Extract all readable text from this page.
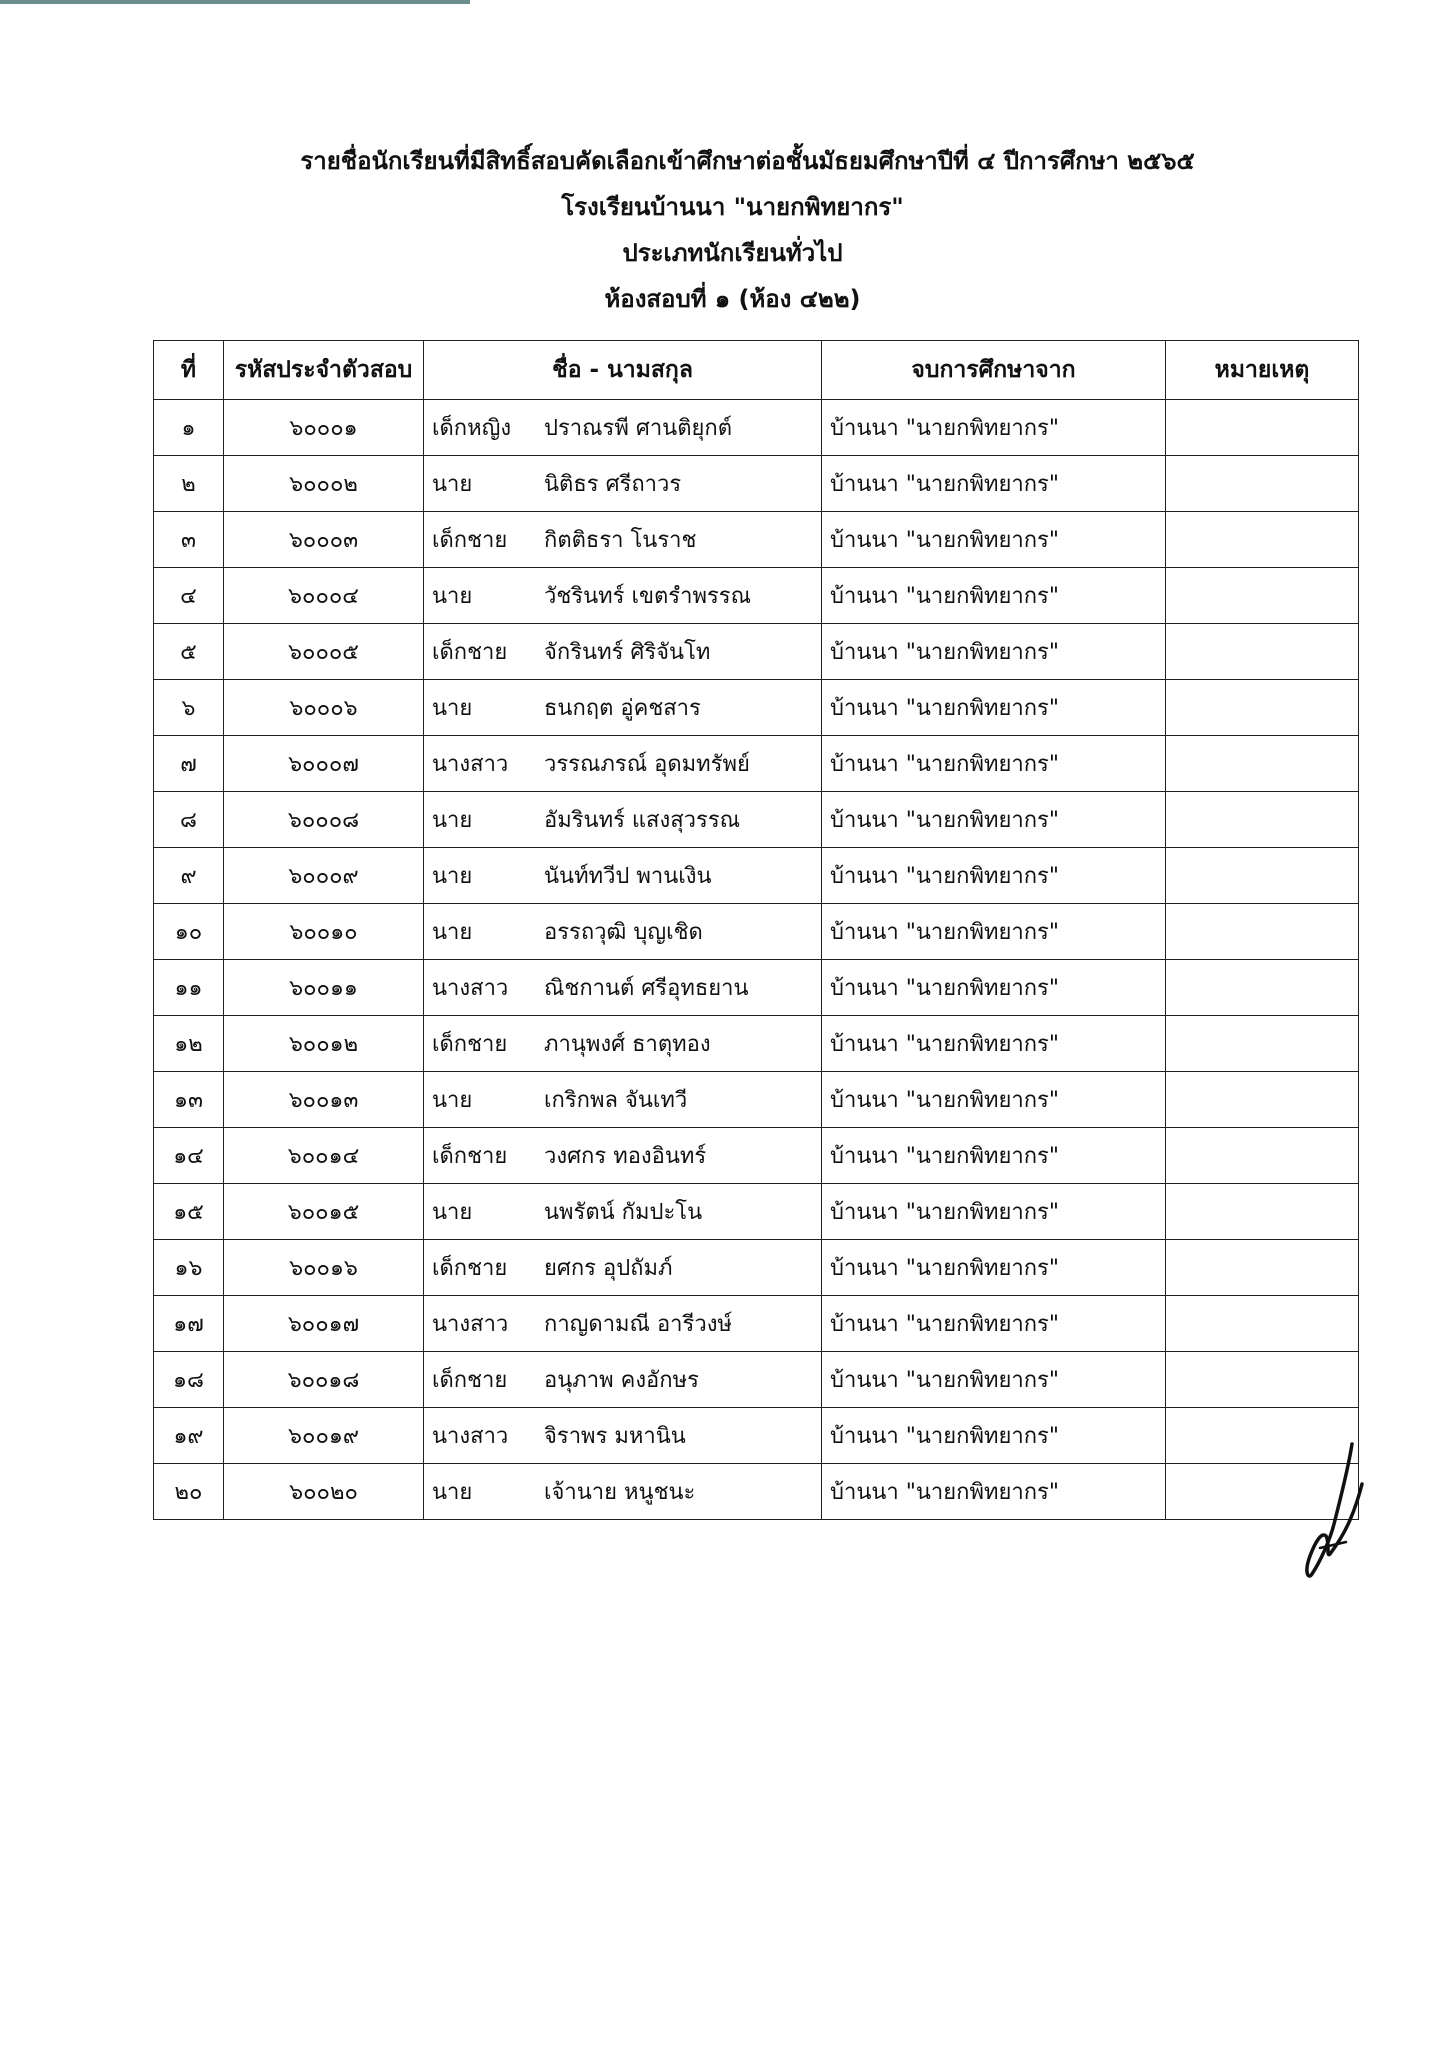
รายชื่อนักเรียนที่มีสิทธิ์สอบคัดเลือกเข้าศึกษาต่อชั้นมัธยมศึกษาปีที่ ๔ ปีการศึกษา ๒๕๖๕
โรงเรียนบ้านนา "นายกพิทยากร"
ประเภทนักเรียนทั่วไป
ห้องสอบที่ ๑ (ห้อง ๔๒๒)
ที่	รหัสประจำตัวสอบ	ชื่อ - นามสกุล	จบการศึกษาจาก	หมายเหตุ
๑	๖๐๐๐๑	เด็กหญิง ปราณรพี ศานติยุกต์	บ้านนา "นายกพิทยากร"	
๒	๖๐๐๐๒	นาย นิติธร ศรีถาวร	บ้านนา "นายกพิทยากร"	
๓	๖๐๐๐๓	เด็กชาย กิตติธรา โนราช	บ้านนา "นายกพิทยากร"	
๔	๖๐๐๐๔	นาย วัชรินทร์ เขตรำพรรณ	บ้านนา "นายกพิทยากร"	
๕	๖๐๐๐๕	เด็กชาย จักรินทร์ ศิริจันโท	บ้านนา "นายกพิทยากร"	
๖	๖๐๐๐๖	นาย ธนกฤต อู่คชสาร	บ้านนา "นายกพิทยากร"	
๗	๖๐๐๐๗	นางสาว วรรณภรณ์ อุดมทรัพย์	บ้านนา "นายกพิทยากร"	
๘	๖๐๐๐๘	นาย อัมรินทร์ แสงสุวรรณ	บ้านนา "นายกพิทยากร"	
๙	๖๐๐๐๙	นาย นันท์ทวีป พานเงิน	บ้านนา "นายกพิทยากร"	
๑๐	๖๐๐๑๐	นาย อรรถวุฒิ บุญเชิด	บ้านนา "นายกพิทยากร"	
๑๑	๖๐๐๑๑	นางสาว ณิชกานต์ ศรีอุทธยาน	บ้านนา "นายกพิทยากร"	
๑๒	๖๐๐๑๒	เด็กชาย ภานุพงศ์ ธาตุทอง	บ้านนา "นายกพิทยากร"	
๑๓	๖๐๐๑๓	นาย เกริกพล จันเทวี	บ้านนา "นายกพิทยากร"	
๑๔	๖๐๐๑๔	เด็กชาย วงศกร ทองอินทร์	บ้านนา "นายกพิทยากร"	
๑๕	๖๐๐๑๕	นาย นพรัตน์ กัมปะโน	บ้านนา "นายกพิทยากร"	
๑๖	๖๐๐๑๖	เด็กชาย ยศกร อุปถัมภ์	บ้านนา "นายกพิทยากร"	
๑๗	๖๐๐๑๗	นางสาว กาญดามณี อารีวงษ์	บ้านนา "นายกพิทยากร"	
๑๘	๖๐๐๑๘	เด็กชาย อนุภาพ คงอักษร	บ้านนา "นายกพิทยากร"	
๑๙	๖๐๐๑๙	นางสาว จิราพร มหานิน	บ้านนา "นายกพิทยากร"	
๒๐	๖๐๐๒๐	นาย เจ้านาย หนูชนะ	บ้านนา "นายกพิทยากร"	
